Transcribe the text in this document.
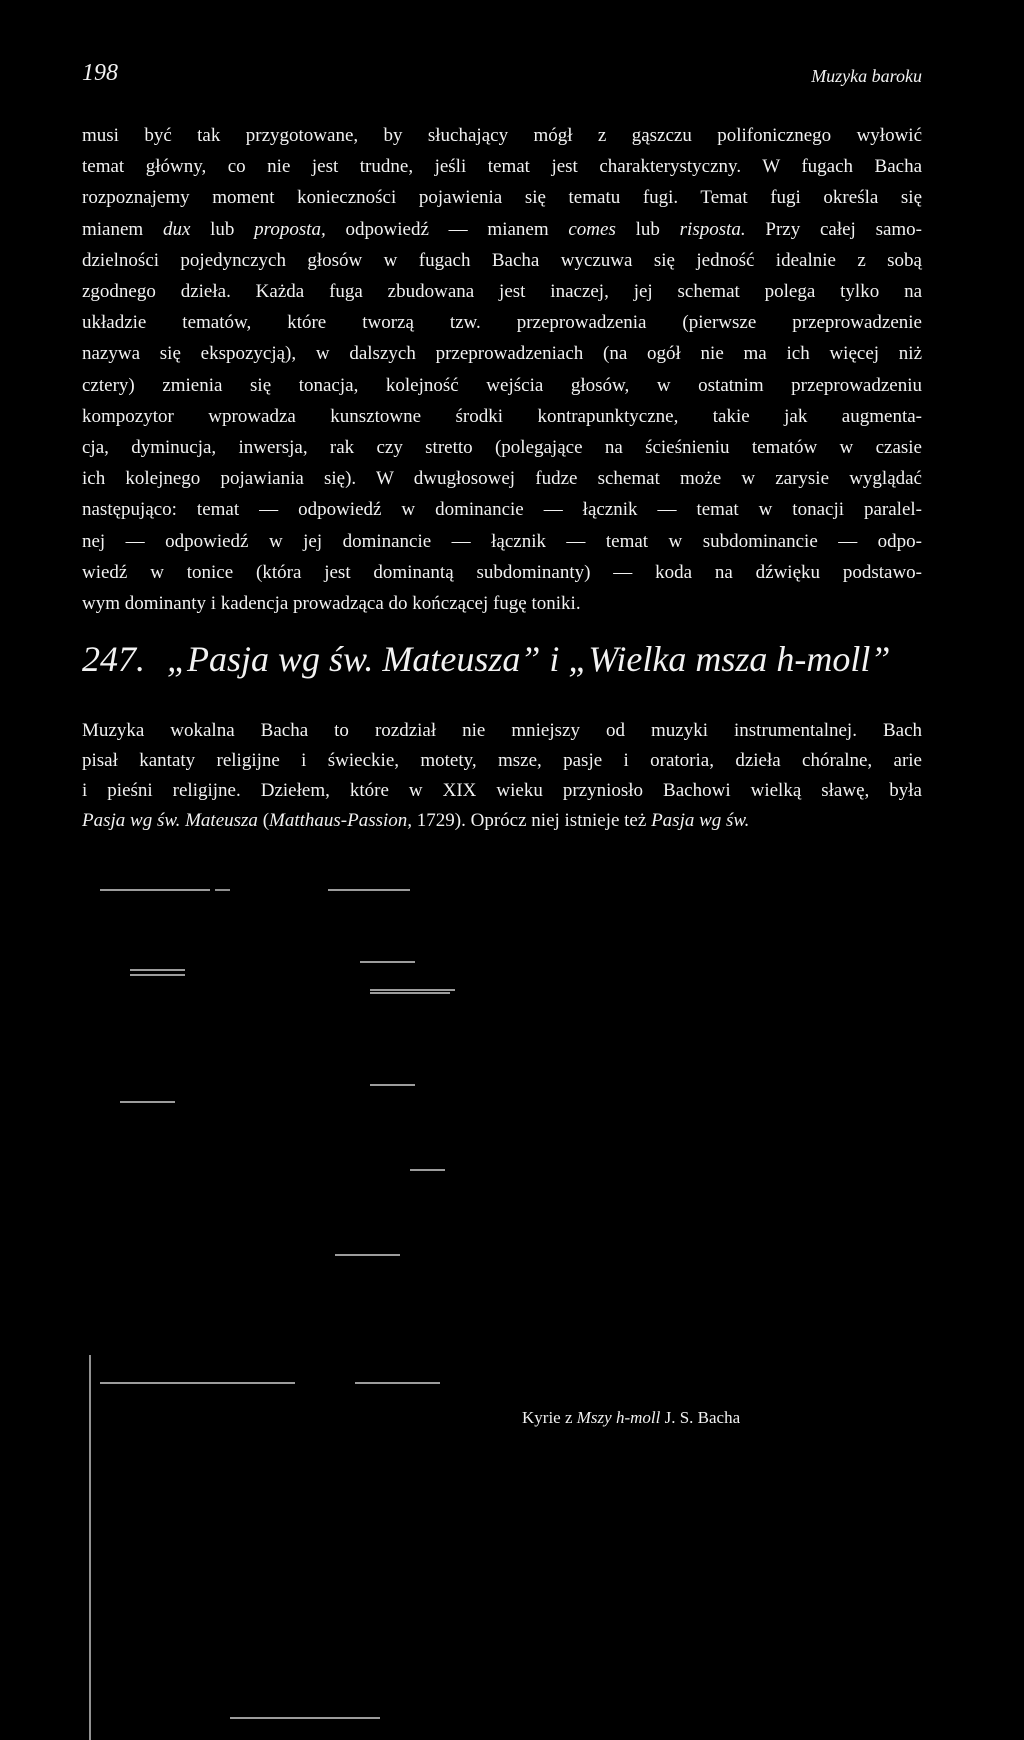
198	Muzyka baroku
musi być tak przygotowane, by słuchający mógł z gąszczu polifonicznego wyłowić
temat główny, co nie jest trudne, jeśli temat jest charakterystyczny. W fugach Bacha
rozpoznajemy moment konieczności pojawienia się tematu fugi. Temat fugi określa się
mianem dux lub proposta, odpowiedź — mianem comes lub risposta. Przy całej samo-
dzielności pojedynczych głosów w fugach Bacha wyczuwa się jedność idealnie z sobą
zgodnego dzieła. Każda fuga zbudowana jest inaczej, jej schemat polega tylko na
układzie tematów, które tworzą tzw. przeprowadzenia (pierwsze przeprowadzenie
nazywa się ekspozycją), w dalszych przeprowadzeniach (na ogół nie ma ich więcej niż
cztery) zmienia się tonacja, kolejność wejścia głosów, w ostatnim przeprowadzeniu
kompozytor wprowadza kunsztowne środki kontrapunktyczne, takie jak augmenta-
cja, dyminucja, inwersja, rak czy stretto (polegające na ścieśnieniu tematów w czasie
ich kolejnego pojawiania się). W dwugłosowej fudze schemat może w zarysie wyglądać
następująco: temat — odpowiedź w dominancie — łącznik — temat w tonacji paralel-
nej — odpowiedź w jej dominancie — łącznik — temat w subdominancie — odpo-
wiedź w tonice (która jest dominantą subdominanty) — koda na dźwięku podstawo-
wym dominanty i kadencja prowadząca do kończącej fugę toniki.
247. „Pasja wg św. Mateusza” i „Wielka msza h-moll”
Muzyka wokalna Bacha to rozdział nie mniejszy od muzyki instrumentalnej. Bach
pisał kantaty religijne i świeckie, motety, msze, pasje i oratoria, dzieła chóralne, arie
i pieśni religijne. Dziełem, które w XIX wieku przyniosło Bachowi wielką sławę, była
Pasja wg św. Mateusza (Matthaus-Passion, 1729). Oprócz niej istnieje też Pasja wg św.
Kyrie z Mszy h-moll J. S. Bacha
